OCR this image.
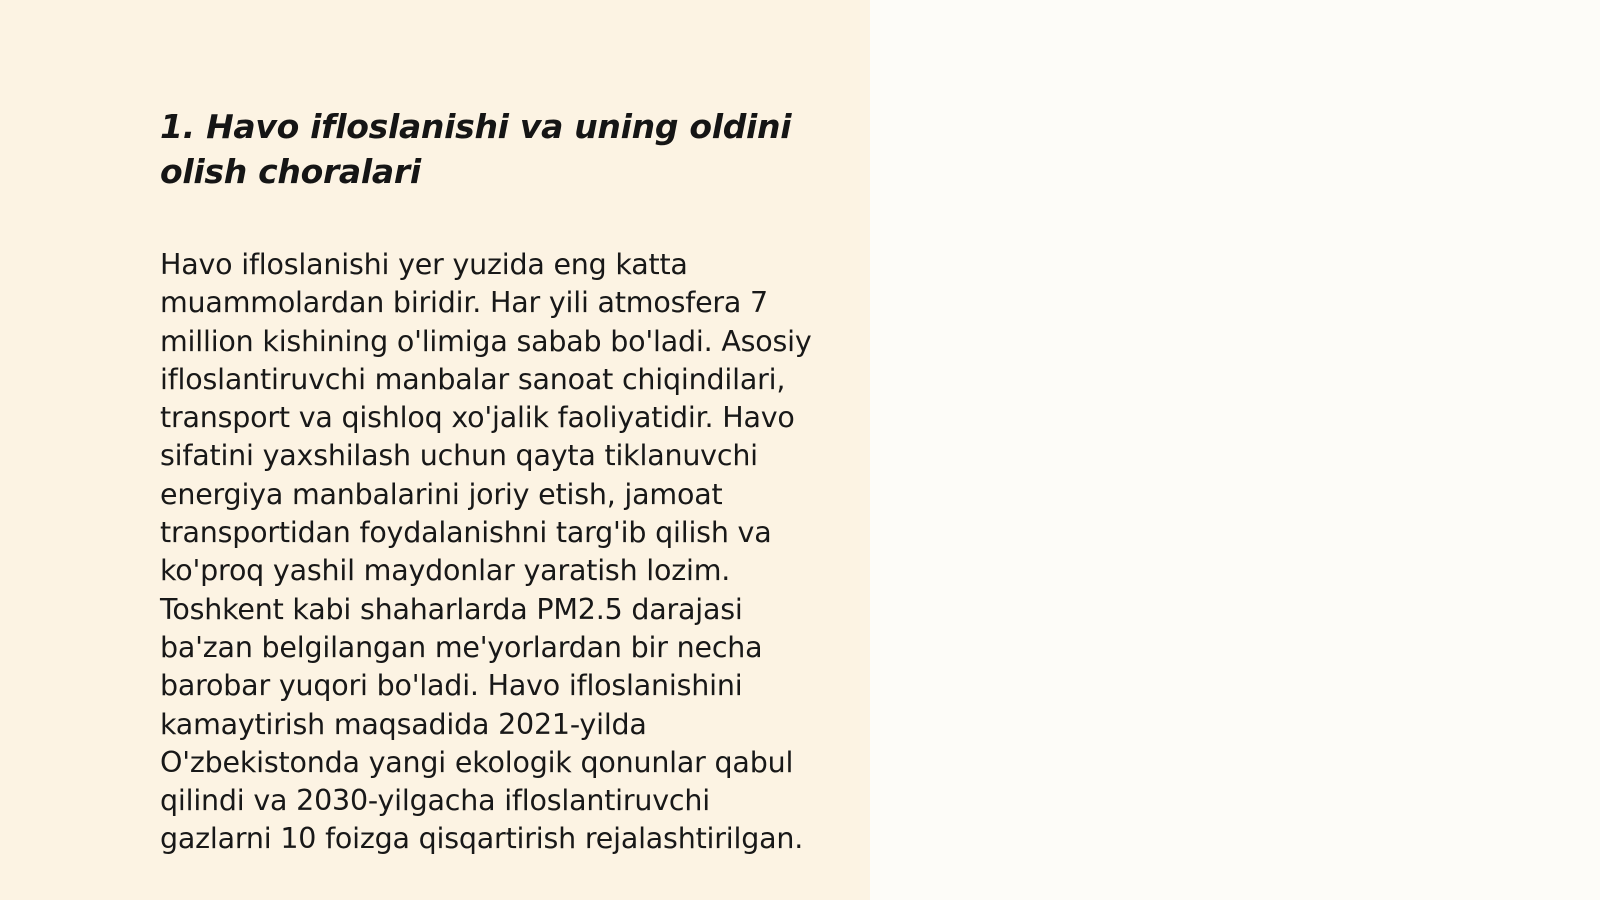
1. Havo ifloslanishi va uning oldini olish choralari

Havo ifloslanishi yer yuzida eng katta muammolardan biridir. Har yili atmosfera 7 million kishining o'limiga sabab bo'ladi. Asosiy ifloslantiruvchi manbalar sanoat chiqindilari, transport va qishloq xo'jalik faoliyatidir. Havo sifatini yaxshilash uchun qayta tiklanuvchi energiya manbalarini joriy etish, jamoat transportidan foydalanishni targ'ib qilish va ko'proq yashil maydonlar yaratish lozim. Toshkent kabi shaharlarda PM2.5 darajasi ba'zan belgilangan me'yorlardan bir necha barobar yuqori bo'ladi. Havo ifloslanishini kamaytirish maqsadida 2021-yilda O'zbekistonda yangi ekologik qonunlar qabul qilindi va 2030-yilgacha ifloslantiruvchi gazlarni 10 foizga qisqartirish rejalashtirilgan.
